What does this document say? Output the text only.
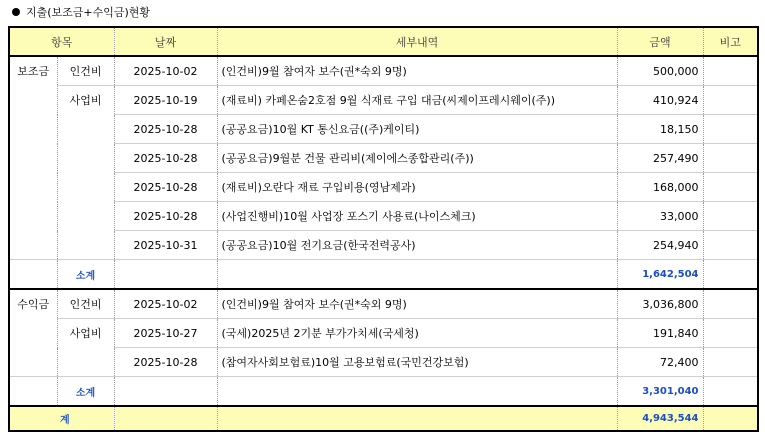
지출(보조금+수익금)현황
항목		날짜	세부내역	금액	비고
보조금	인건비	2025-10-02	(인건비)9월 참여자 보수(권*숙외 9명)	500,000	
	사업비	2025-10-19	(재료비) 카페온숨2호점 9월 식재료 구입 대금(씨제이프레시웨이(주))	410,924	
		2025-10-28	(공공요금)10월 KT 통신요금((주)케이티)	18,150	
		2025-10-28	(공공요금)9월분 건물 관리비(제이에스종합관리(주))	257,490	
		2025-10-28	(재료비)오란다 재료 구입비용(영남제과)	168,000	
		2025-10-28	(사업진행비)10월 사업장 포스기 사용료(나이스체크)	33,000	
		2025-10-31	(공공요금)10월 전기요금(한국전력공사)	254,940	
	소계			1,642,504	
수익금	인건비	2025-10-02	(인건비)9월 참여자 보수(권*숙외 9명)	3,036,800	
	사업비	2025-10-27	(국세)2025년 2기분 부가가치세(국세청)	191,840	
		2025-10-28	(참여자사회보험료)10월 고용보험료(국민건강보험)	72,400	
	소계			3,301,040	
계				4,943,544	
